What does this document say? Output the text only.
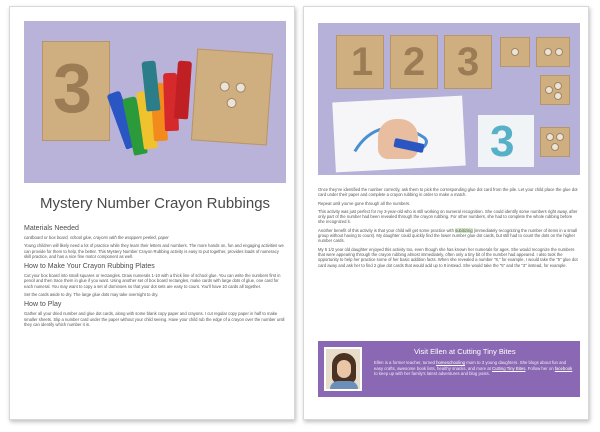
3
Mystery Number Crayon Rubbings
Materials Needed

cardboard or box board, school glue, crayons with the wrappers peeled, paper

Young children will likely need a lot of practice while they learn their letters and numbers. The more hands on, fun and engaging activities we can provide for them to help, the better. This Mystery Number Crayon Rubbing activity is easy to put together, provides loads of numeracy skill practice, and has a nice fine motor component as well.

How to Make Your Crayon Rubbing Plates

Cut your box board into small squares or rectangles. Draw numerals 1-10 with a thick line of school glue. You can write the numbers first in pencil and then trace them in glue if you want. Using another set of box board rectangles, make cards with large dots of glue, one card for each numeral. You may want to copy a set of dominoes so that your dot sets are easy to count. You'll have 10 cards all together.

Set the cards aside to dry. The large glue dots may take overnight to dry.

How to Play

Gather all your dried number and glue dot cards, along with some blank copy paper and crayons. I cut regular copy paper in half to make smaller sheets. Slip a number card under the paper without your child seeing. Have your child rub the edge of a crayon over the number until they can identify which number it is.

1 2 3
3

Once they've identified the number correctly, ask them to pick the corresponding glue dot card from the pile. Let your child place the glue dot card under their paper and complete a crayon rubbing in order to make a match.

Repeat until you've gone through all the numbers.

This activity was just perfect for my 3-year-old who is still working on numeral recognition. She could identify some numbers right away, after only part of the number had been revealed through the crayon rubbing. For other numbers, she had to complete the whole rubbing before she recognized it.

Another benefit of this activity is that your child will get some practice with subitizing (immediately recognizing the number of items in a small group without having to count). My daughter could quickly find the lower number glue dot cards, but still had to count the dots on the higher number cards.

My 5 1/2 year old daughter enjoyed this activity too, even though she has known her numerals for ages. She would recognize the numbers that were appearing through the crayon rubbing almost immediately, often only a tiny bit of the number had appeared. I also took the opportunity to help her practice some of her basic addition facts. When she revealed a number "8," for example, I would take the "5" glue dot card away and ask her to find 2 glue dot cards that would add up to 8 instead. She would take the "5" and the "3" instead, for example.

Visit Ellen at Cutting Tiny Bites
Ellen is a former teacher, turned homeschooling mom to 3 young daughters. She blogs about fun and easy crafts, awesome book lists, healthy snacks, and more at Cutting Tiny Bites. Follow her on facebook to keep up with her family's latest adventures and blog posts.
